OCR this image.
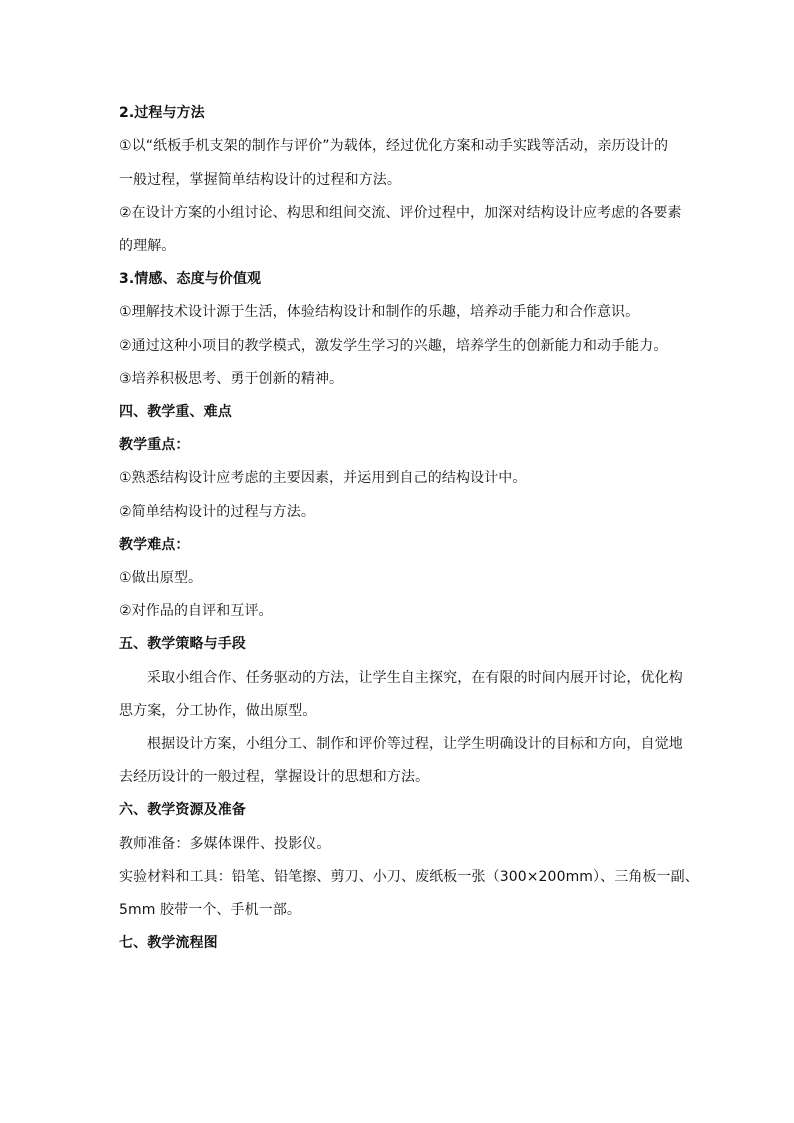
2.过程与方法
①以“纸板手机支架的制作与评价”为载体，经过优化方案和动手实践等活动，亲历设计的
一般过程，掌握简单结构设计的过程和方法。
②在设计方案的小组讨论、构思和组间交流、评价过程中，加深对结构设计应考虑的各要素
的理解。
3.情感、态度与价值观
①理解技术设计源于生活，体验结构设计和制作的乐趣，培养动手能力和合作意识。
②通过这种小项目的教学模式，激发学生学习的兴趣，培养学生的创新能力和动手能力。
③培养积极思考、勇于创新的精神。
四、教学重、难点
教学重点：
①熟悉结构设计应考虑的主要因素，并运用到自己的结构设计中。
②简单结构设计的过程与方法。
教学难点：
①做出原型。
②对作品的自评和互评。
五、教学策略与手段
采取小组合作、任务驱动的方法，让学生自主探究，在有限的时间内展开讨论，优化构
思方案，分工协作，做出原型。
根据设计方案，小组分工、制作和评价等过程，让学生明确设计的目标和方向，自觉地
去经历设计的一般过程，掌握设计的思想和方法。
六、教学资源及准备
教师准备：多媒体课件、投影仪。
实验材料和工具：铅笔、铅笔擦、剪刀、小刀、废纸板一张（300×200mm）、三角板一副、
5mm 胶带一个、手机一部。
七、教学流程图
